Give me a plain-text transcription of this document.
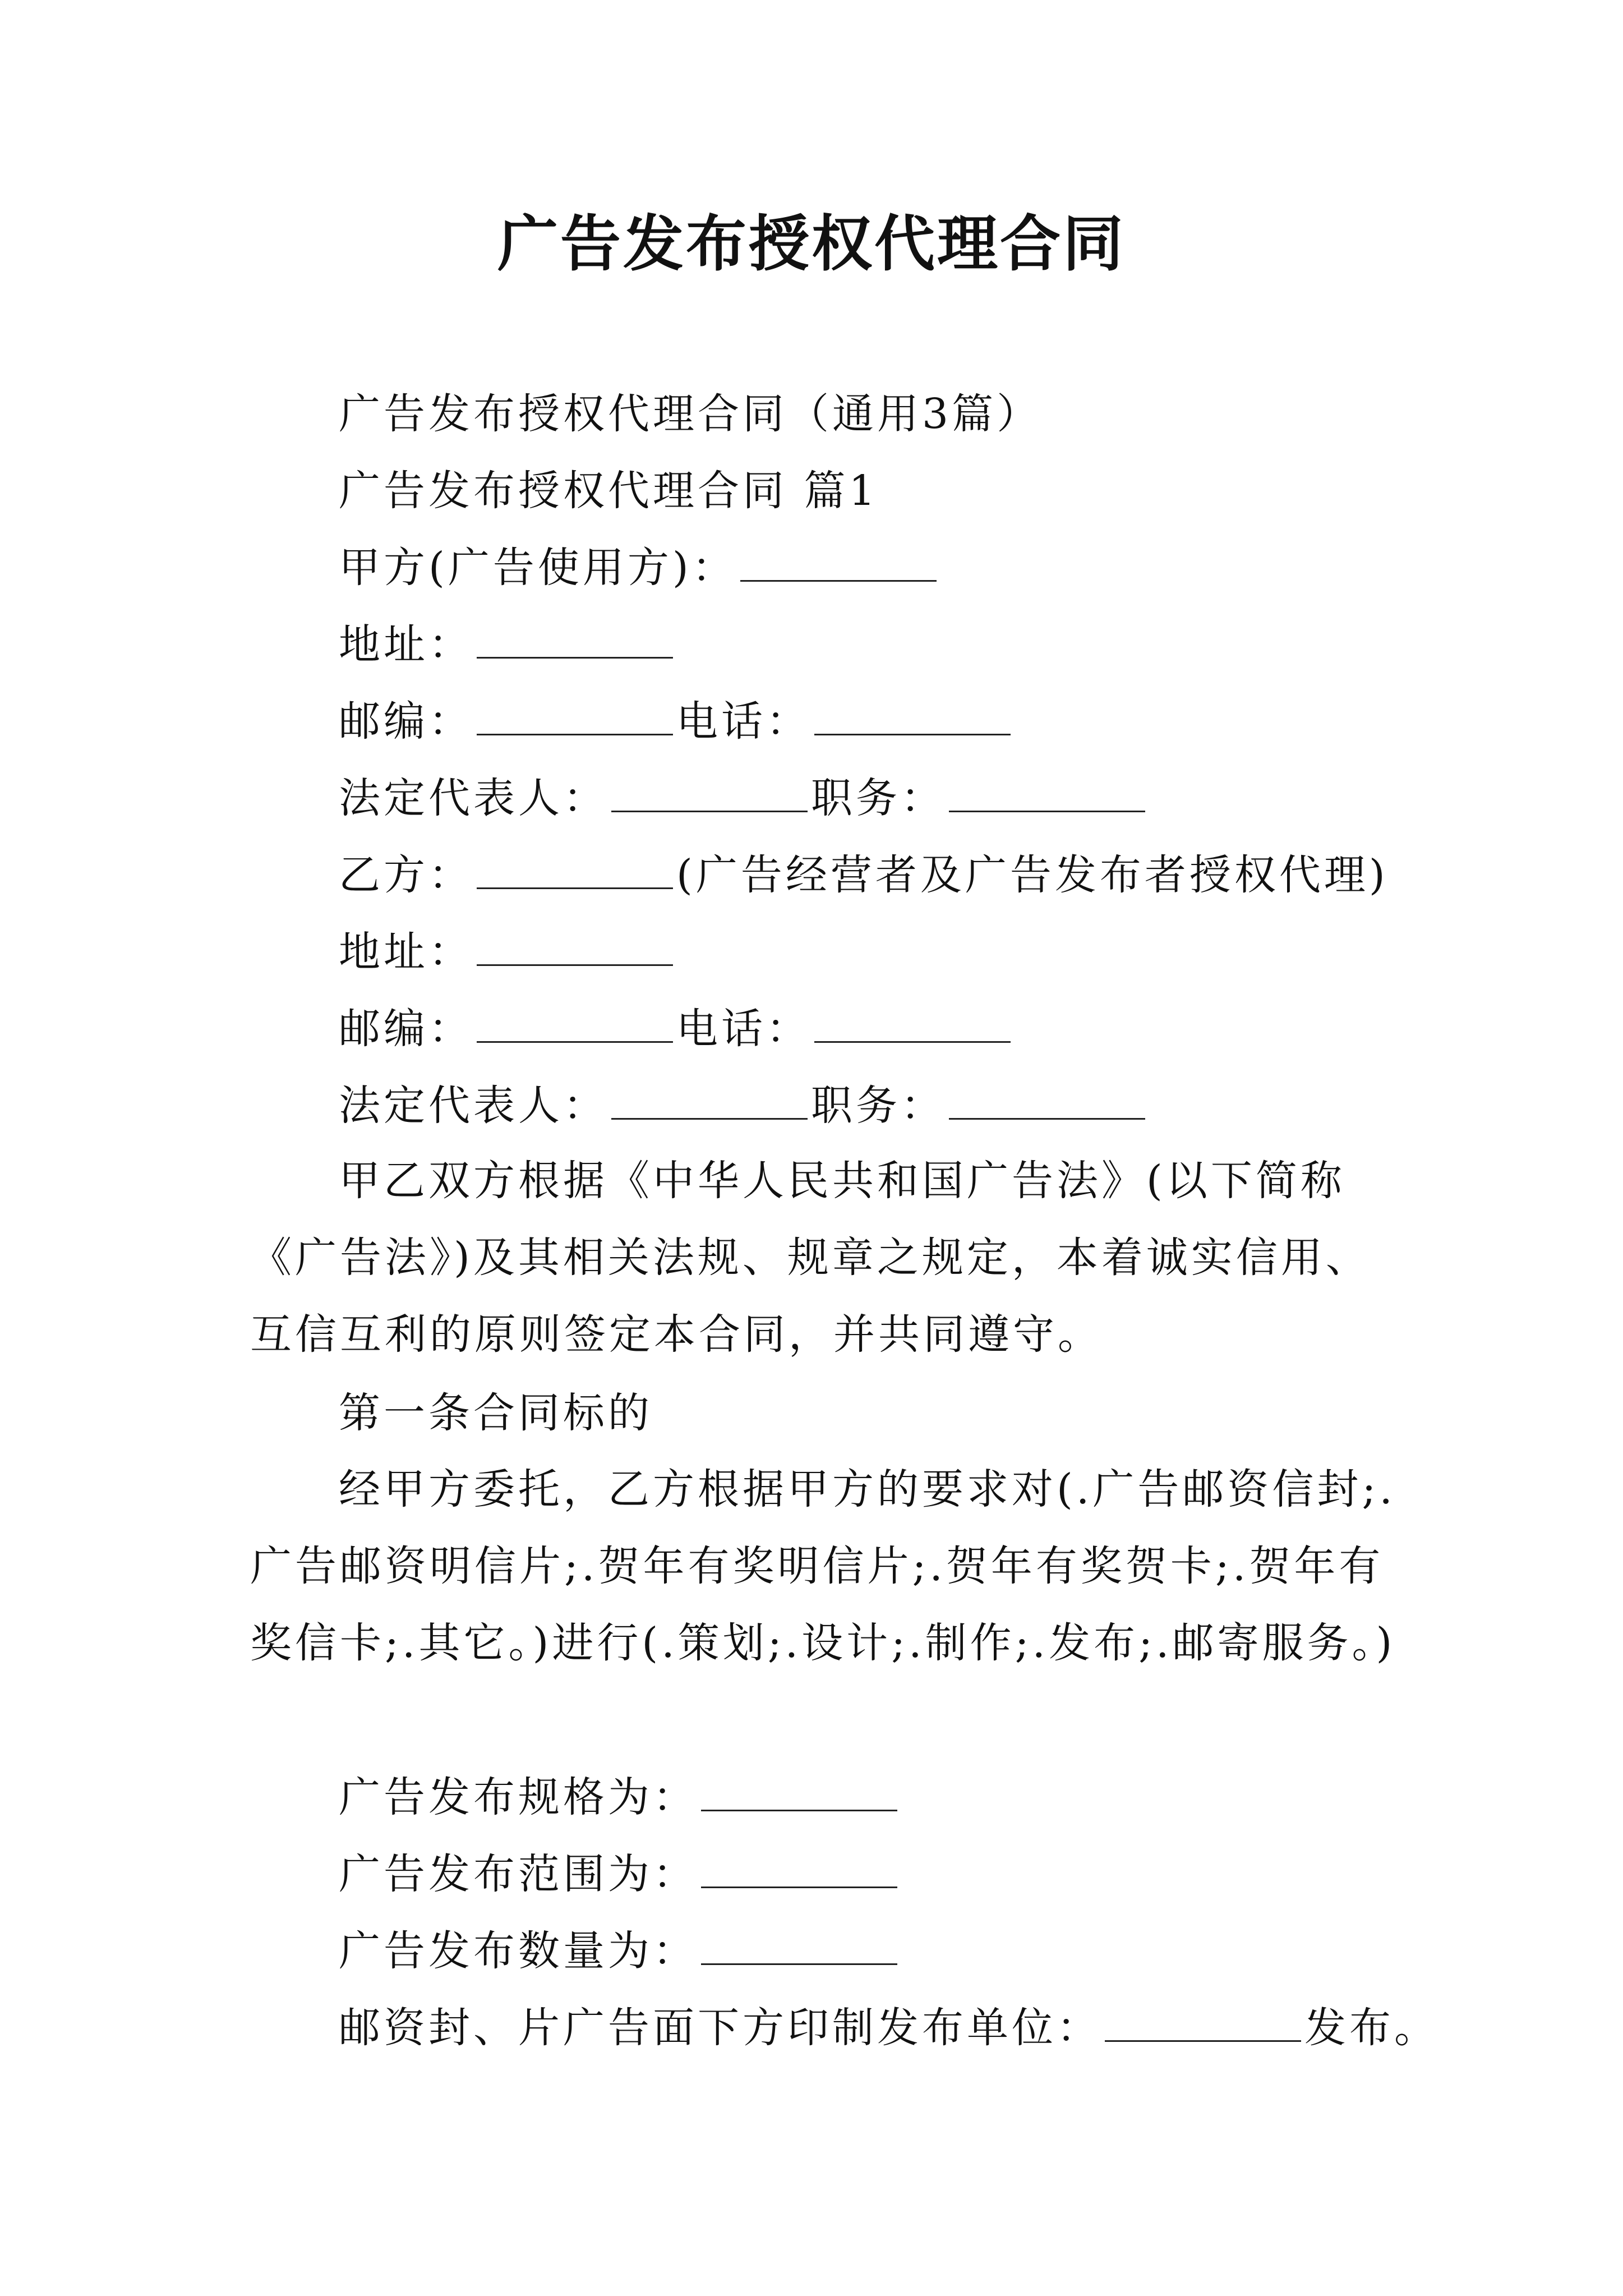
广告发布授权代理合同
广告发布授权代理合同（通用3篇）
广告发布授权代理合同 篇1
甲方(广告使用方)：
地址：
邮编：	电话：
法定代表人：	职务：
乙方：	(广告经营者及广告发布者授权代理)
地址：
邮编：	电话：
法定代表人：	职务：

甲乙双方根据《中华人民共和国广告法》(以下简称《广告法》)及其相关法规、规章之规定，本着诚实信用、互信互利的原则签定本合同，并共同遵守。

第一条合同标的

经甲方委托，乙方根据甲方的要求对(.广告邮资信封;.广告邮资明信片;.贺年有奖明信片;.贺年有奖贺卡;.贺年有奖信卡;.其它。)进行(.策划;.设计;.制作;.发布;.邮寄服务。)

广告发布规格为：
广告发布范围为：
广告发布数量为：
邮资封、片广告面下方印制发布单位：	发布。
